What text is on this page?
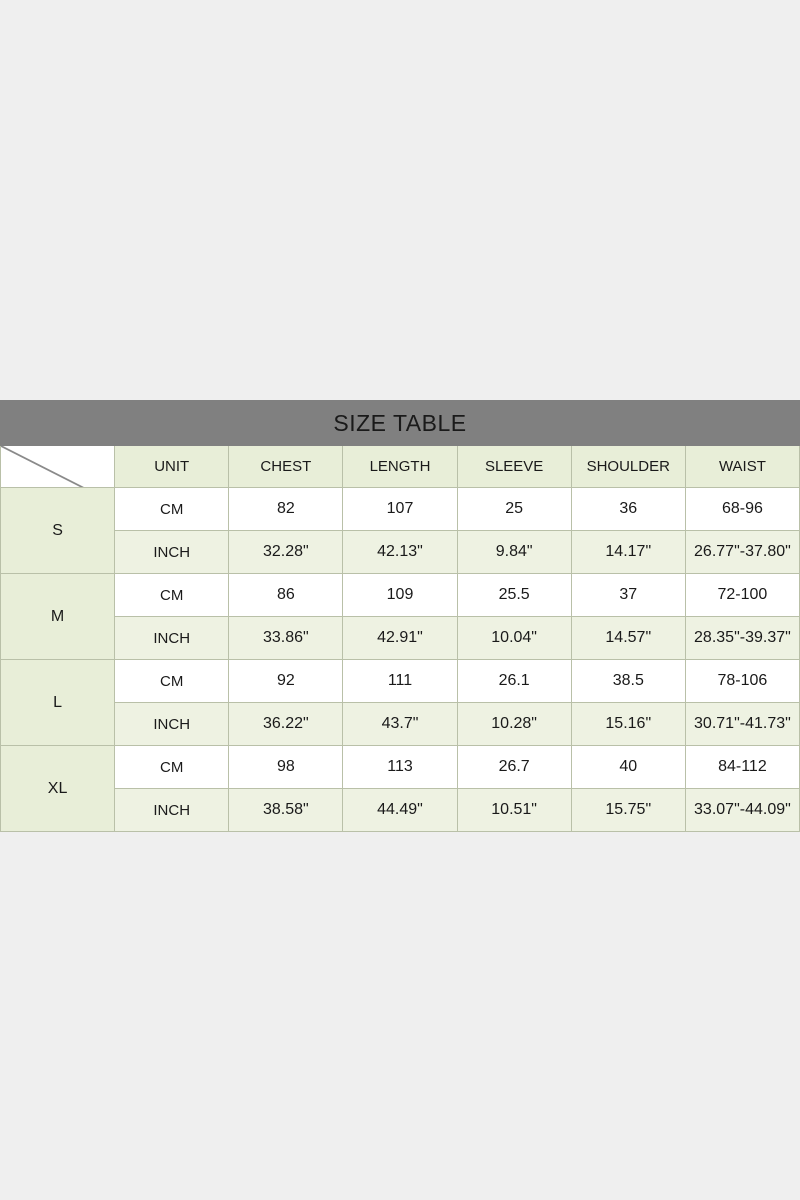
SIZE TABLE						

	UNIT	CHEST	LENGTH	SLEEVE	SHOULDER	WAIST
S	CM	82	107	25	36	68-96
	INCH	32.28"	42.13"	9.84"	14.17"	26.77"-37.80"
M	CM	86	109	25.5	37	72-100
	INCH	33.86"	42.91"	10.04"	14.57"	28.35"-39.37"
L	CM	92	111	26.1	38.5	78-106
	INCH	36.22"	43.7"	10.28"	15.16"	30.71"-41.73"
XL	CM	98	113	26.7	40	84-112
	INCH	38.58"	44.49"	10.51"	15.75"	33.07"-44.09"
